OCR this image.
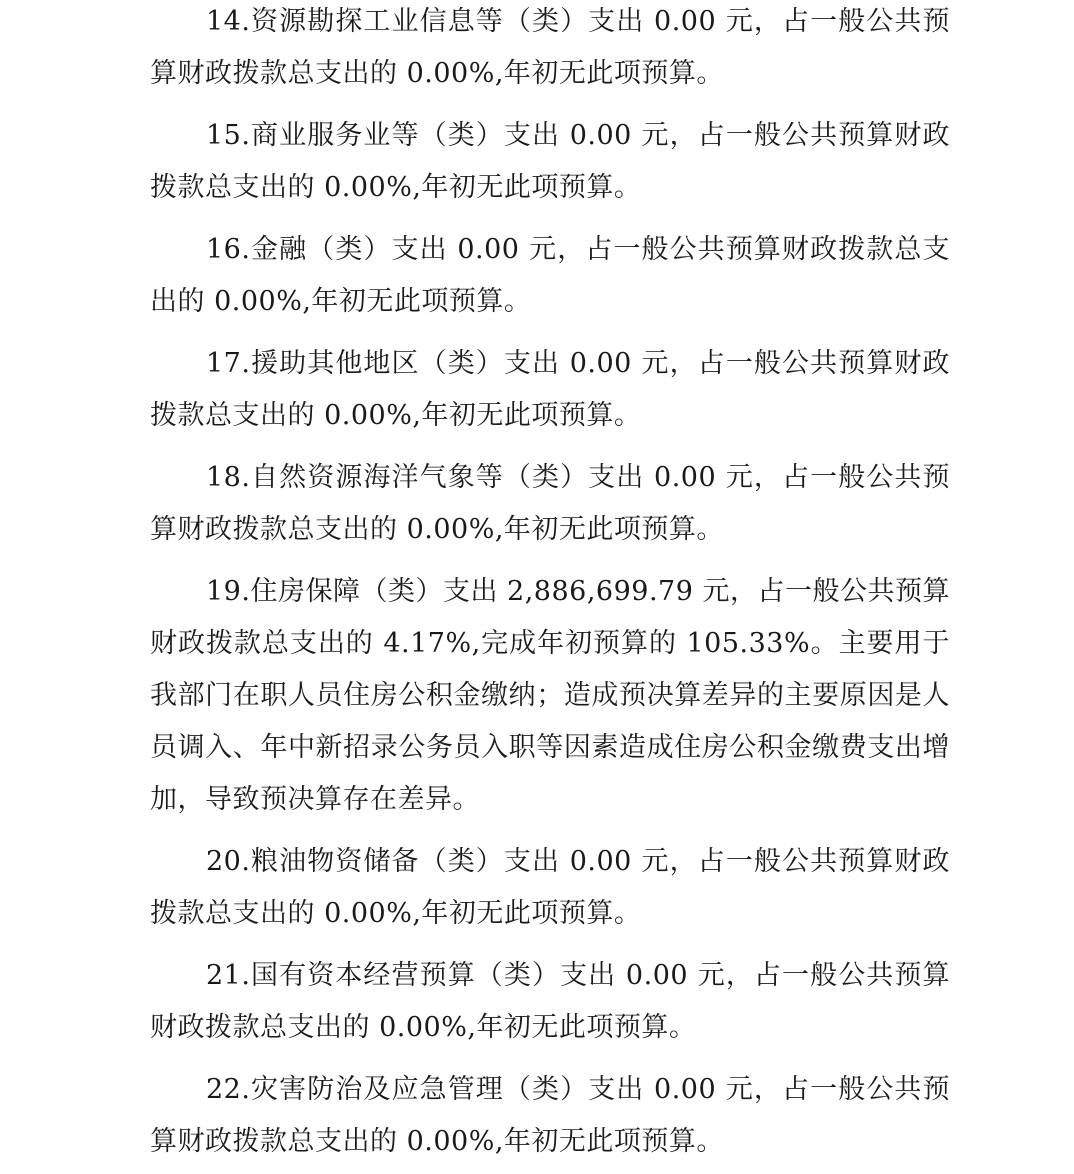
14.资源勘探工业信息等（类）支出 0.00 元，占一般公共预算财政拨款总支出的 0.00%,年初无此项预算。

15.商业服务业等（类）支出 0.00 元，占一般公共预算财政拨款总支出的 0.00%,年初无此项预算。

16.金融（类）支出 0.00 元，占一般公共预算财政拨款总支出的 0.00%,年初无此项预算。

17.援助其他地区（类）支出 0.00 元，占一般公共预算财政拨款总支出的 0.00%,年初无此项预算。

18.自然资源海洋气象等（类）支出 0.00 元，占一般公共预算财政拨款总支出的 0.00%,年初无此项预算。

19.住房保障（类）支出 2,886,699.79 元，占一般公共预算财政拨款总支出的 4.17%,完成年初预算的 105.33%。主要用于我部门在职人员住房公积金缴纳；造成预决算差异的主要原因是人员调入、年中新招录公务员入职等因素造成住房公积金缴费支出增加，导致预决算存在差异。

20.粮油物资储备（类）支出 0.00 元，占一般公共预算财政拨款总支出的 0.00%,年初无此项预算。

21.国有资本经营预算（类）支出 0.00 元，占一般公共预算财政拨款总支出的 0.00%,年初无此项预算。

22.灾害防治及应急管理（类）支出 0.00 元，占一般公共预算财政拨款总支出的 0.00%,年初无此项预算。
